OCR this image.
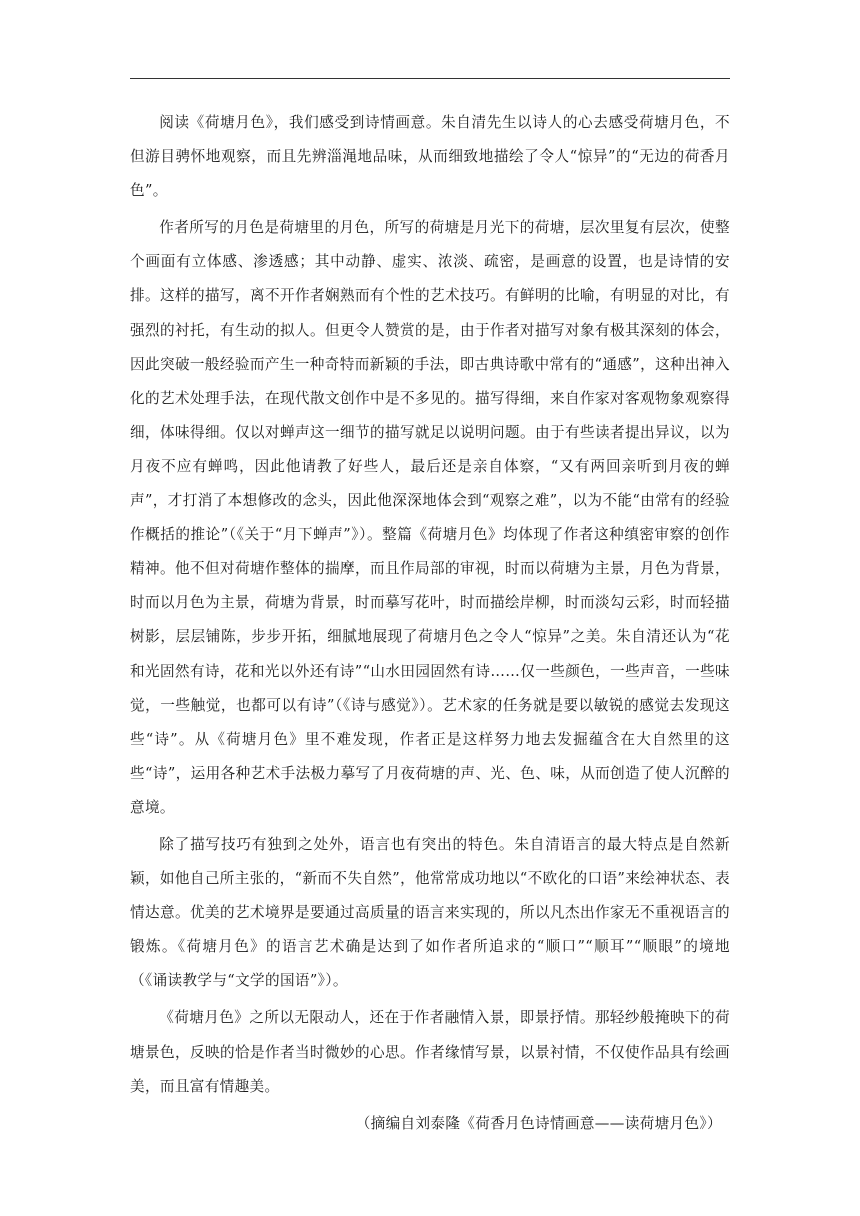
阅读《荷塘月色》，我们感受到诗情画意。朱自清先生以诗人的心去感受荷塘月色，不但游目骋怀地观察，而且先辨淄渑地品味，从而细致地描绘了令人“惊异”的“无边的荷香月色”。

作者所写的月色是荷塘里的月色，所写的荷塘是月光下的荷塘，层次里复有层次，使整个画面有立体感、渗透感；其中动静、虚实、浓淡、疏密，是画意的设置，也是诗情的安排。这样的描写，离不开作者娴熟而有个性的艺术技巧。有鲜明的比喻，有明显的对比，有强烈的衬托，有生动的拟人。但更令人赞赏的是，由于作者对描写对象有极其深刻的体会，因此突破一般经验而产生一种奇特而新颖的手法，即古典诗歌中常有的“通感”，这种出神入化的艺术处理手法，在现代散文创作中是不多见的。描写得细，来自作家对客观物象观察得细，体味得细。仅以对蝉声这一细节的描写就足以说明问题。由于有些读者提出异议，以为月夜不应有蝉鸣，因此他请教了好些人，最后还是亲自体察，“又有两回亲听到月夜的蝉声”，才打消了本想修改的念头，因此他深深地体会到“观察之难”，以为不能“由常有的经验作概括的推论”（《关于“月下蝉声”》）。整篇《荷塘月色》均体现了作者这种缜密审察的创作精神。他不但对荷塘作整体的揣摩，而且作局部的审视，时而以荷塘为主景，月色为背景，时而以月色为主景，荷塘为背景，时而摹写花叶，时而描绘岸柳，时而淡勾云彩，时而轻描树影，层层铺陈，步步开拓，细腻地展现了荷塘月色之令人“惊异”之美。朱自清还认为“花和光固然有诗，花和光以外还有诗”“山水田园固然有诗……仅一些颜色，一些声音，一些味觉，一些触觉，也都可以有诗”（《诗与感觉》）。艺术家的任务就是要以敏锐的感觉去发现这些“诗”。从《荷塘月色》里不难发现，作者正是这样努力地去发掘蕴含在大自然里的这些“诗”，运用各种艺术手法极力摹写了月夜荷塘的声、光、色、味，从而创造了使人沉醉的意境。

除了描写技巧有独到之处外，语言也有突出的特色。朱自清语言的最大特点是自然新颖，如他自己所主张的，“新而不失自然”，他常常成功地以“不欧化的口语”来绘神状态、表情达意。优美的艺术境界是要通过高质量的语言来实现的，所以凡杰出作家无不重视语言的锻炼。《荷塘月色》的语言艺术确是达到了如作者所追求的“顺口”“顺耳”“顺眼”的境地（《诵读教学与“文学的国语”》）。

《荷塘月色》之所以无限动人，还在于作者融情入景，即景抒情。那轻纱般掩映下的荷塘景色，反映的恰是作者当时微妙的心思。作者缘情写景，以景衬情，不仅使作品具有绘画美，而且富有情趣美。

（摘编自刘泰隆《荷香月色诗情画意——读荷塘月色》）
